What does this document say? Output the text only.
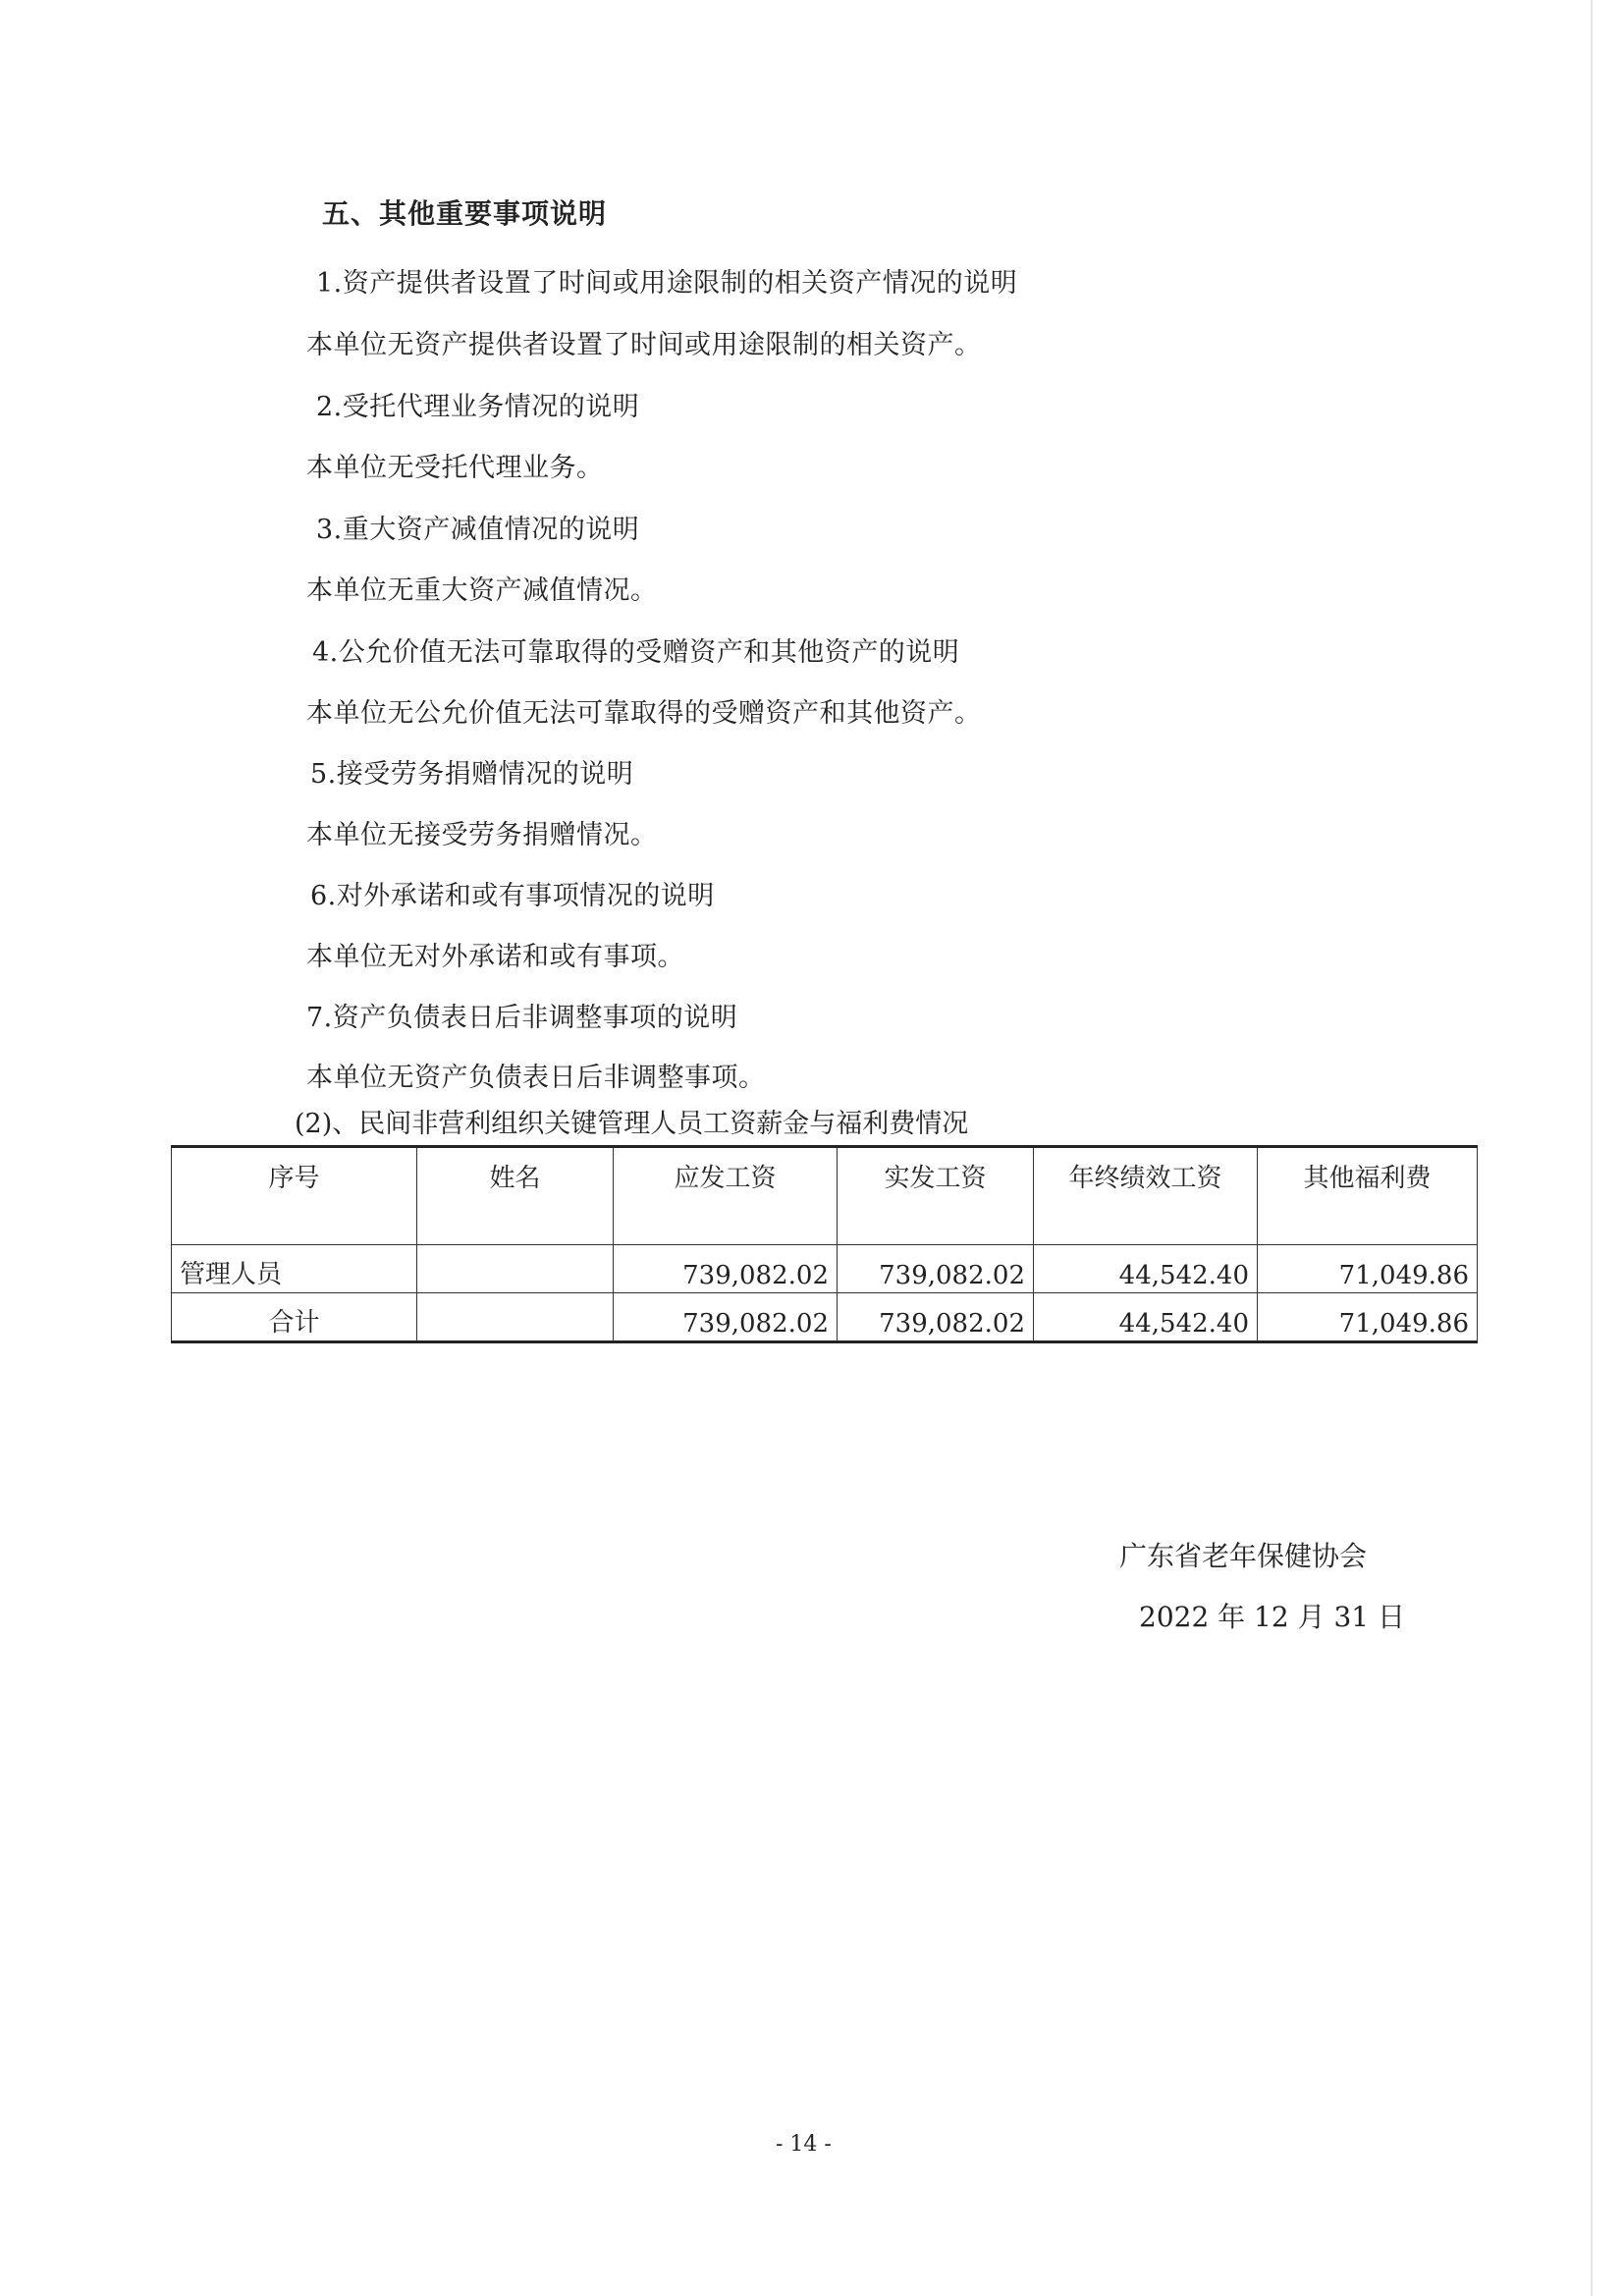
五、其他重要事项说明
1.资产提供者设置了时间或用途限制的相关资产情况的说明
本单位无资产提供者设置了时间或用途限制的相关资产。
2.受托代理业务情况的说明
本单位无受托代理业务。
3.重大资产减值情况的说明
本单位无重大资产减值情况。
4.公允价值无法可靠取得的受赠资产和其他资产的说明
本单位无公允价值无法可靠取得的受赠资产和其他资产。
5.接受劳务捐赠情况的说明
本单位无接受劳务捐赠情况。
6.对外承诺和或有事项情况的说明
本单位无对外承诺和或有事项。
7.资产负债表日后非调整事项的说明
本单位无资产负债表日后非调整事项。
(2)、民间非营利组织关键管理人员工资薪金与福利费情况
序号	姓名	应发工资	实发工资	年终绩效工资	其他福利费
管理人员		739,082.02	739,082.02	44,542.40	71,049.86
合计		739,082.02	739,082.02	44,542.40	71,049.86
广东省老年保健协会
2022 年 12 月 31 日
- 14 -
